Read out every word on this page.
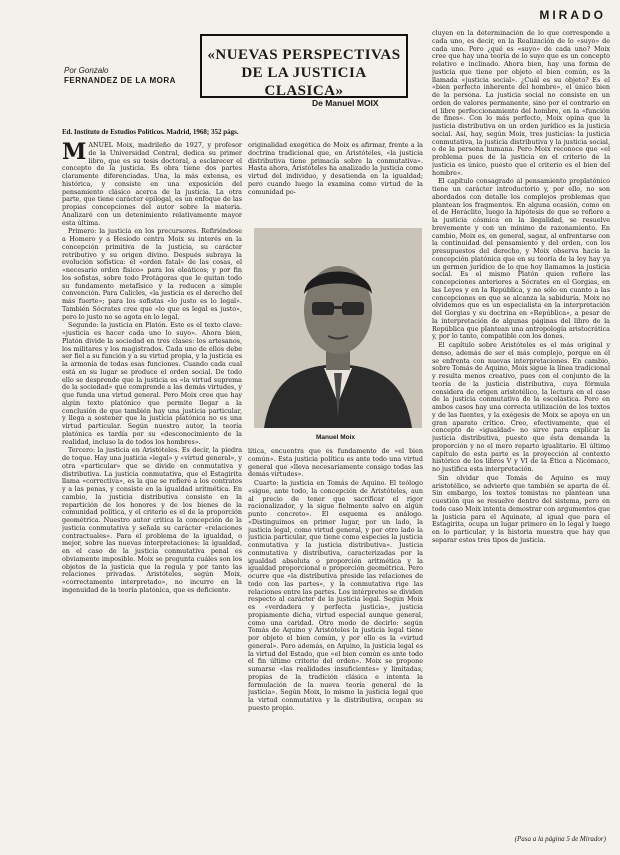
MIRADO
Por Gonzalo
FERNANDEZ DE LA MORA
«NUEVAS PERSPECTIVAS
DE LA JUSTICIA CLASICA»
De Manuel MOIX
Ed. Instituto de Estudios Políticos. Madrid, 1968; 352 págs.
M ANUEL Moix, madrileño de 1927, y profesor de la Universidad Central, dedica su primer libro, que es su tesis doctoral, a esclarecer el concepto de la justicia. Es obra tiene dos partes claramente diferenciadas. Una, la más extensa, es histórica, y consiste en una exposición del pensamiento clásico acerca de la justicia. La otra parte, que tiene carácter epilogal, es un enfoque de las propias concepciones del autor sobre la materia. Analizaré con un detenimiento relativamente mayor esta última.

Primero: la justicia en los precursores. Refiriéndose a Homero y a Hesíodo centra Moix su interés en la concepción primitiva de la justicia, su carácter retributivo y su origen divino. Después subraya la evolución sofística: el «orden fatal» de las cosas, el «necesario orden fisico» para los eleáticos; y por fin los sofistas, sobre todo Protágoras que le quitan todo su fundamento metafísico y la reducen a simple convención. Para Calicles, «la justicia es el derecho del más fuerte»; para los sofistas «lo justo es lo legal». También Sócrates cree que «lo que es legal es justo», pero lo justo no se agota en lo legal.

Segundo: la justicia en Platón. Este es el texto clave: «justicia es hacer cada uno lo suyo». Ahora bien, Platón divide la sociedad en tres clases: los artesanos, los militares y los magistrados. Cada uno de ellos debe ser fiel a su función y a su virtud propia, y la justicia es la armonía de todas esas funciones. Cuando cada cual está en su lugar se produce el orden social. De todo ello se desprende que la justicia es «la virtud suprema de la sociedad» que comprende a las demás virtudes, y que funda una virtud general. Pero Moix cree que hay algún texto platónico que permite llegar a la conclusión de que también hay una justicia particular, y llega a sostener que la justicia platónica no es una virtud particular. Según nuestro autor, la teoría platónica es tardía por su «desconocimiento de la realidad, incluso la de todos los hombres».

Tercero: la justicia en Aristóteles. Es decir, la piedra de toque. Hay una justicia «legal» y «virtud general», y otra «particular» que se divide en conmutativa y distributiva. La justicia conmutativa, que el Estagirita llama «correctiva», es la que se refiere a los contratos y a las penas, y consiste en la igualdad aritmética. En cambio, la justicia distributiva consiste en la repartición de los honores y de los bienes de la comunidad política, y el criterio es el de la proporción geométrica. Nuestro autor critica la concepción de la justicia conmutativa y señala su carácter «relaciones contractuales». Para el problema de la igualdad, o mejor, sobre las nuevas interpretaciones: la igualdad, en el caso de la justicia conmutativa penal es obviamente imposible. Moix se pregunta cuáles son los objetos de la justicia que la regula y por tanto las relaciones privadas. Aristóteles, según Moix, «correctamente interpretado», no incurre en la ingenuidad de la teoría platónica, que es deficiente.

originalidad exegética de Moix es afirmar, frente a la doctrina tradicional que, en Aristóteles, «la justicia distributiva tiene primacía sobre la conmutativa». Hasta ahora, Aristóteles ha analizado la justicia como virtud del individuo, y desatienda en la igualdad; pero cuando luego la examina como virtud de la comunidad po-

Manuel Moix

lítica, encuentra que es fundamento de «el bien común». Esta justicia política es ante todo una virtud general que «lleva necesariamente consigo todas las demás virtudes».

Cuarto: la justicia en Tomás de Aquino. El teólogo «sigue, ante todo, la concepción de Aristóteles, aun al precio de tener que sacrificar el rigor racionalizador, y la sigue fielmente salvo en algún punto concreto». El esquema es análogo. «Distinguimos en primer lugar, por un lado, la justicia legal, como virtud general, y por otro lado la justicia particular, que tiene como especies la justicia conmutativa y la justicia distributiva». Justicia conmutativa y distributiva, caracterizadas por la igualdad absoluta o proporción aritmética y la igualdad proporcional o proporción geométrica. Pero ocurre que «la distributiva preside las relaciones de todo con las partes», y la conmutativa rige las relaciones entre las partes. Los intérpretes se dividen respecto al carácter de la justicia legal. Según Moix es «verdadera y perfecta justicia», justicia propiamente dicha, virtud especial aunque general, como una caridad. Otro modo de decirlo: según Tomás de Aquino y Aristóteles la justicia legal tiene por objeto el bien común, y por ello es la «virtud general». Pero además, en Aquino, la justicia legal es la virtud del Estado, que «el bien común es ante todo el fin último criterio del orden». Moix se propone sumarse «las realidades insuficientes» y limitadas, propias de la tradición clásica e intenta la formulación de la nueva teoría general de la justicia». Según Moix, lo mismo la justicia legal que la virtud conmutativa y la distributiva, ocupan su puesto propio.

cluyen en la determinación de lo que corresponde a cada uno, es decir, en la Realización de lo «suyo» de cada uno. Pero ¿qué es «suyo» de cada uno? Moix cree que hay una teoría de lo suyo que es un concepto relativo e inclinado. Ahora bien, hay una forma de justicia que tiene por objeto el bien común, es la llamada «justicia social». ¿Cuál es su objeto? Es el «bien perfecto inherente del hombre», el único bien de la persona. La justicia social no consiste en un orden de valores permanente, sino por el contrario en el libre perfeccionamiento del hombre, en la «función de fines». Con lo más perfecto, Moix opina que la justicia distributiva en un orden jurídico es la justicia social. Así, hay, según Moix, tres justicias: la justicia conmutativa, la justicia distributiva y la justicia social, o de la persona humana. Pero Moix reconoce que «el problema pues de la justicia en el criterio de la justicia es único, puesto que el criterio es el bien del hombre».

El capítulo consagrado al pensamiento preplatónico tiene un carácter introductorio y, por ello, no son abordados con detalle los complejos problemas que plantean los fragmentos. En alguna ocasión, como en el de Heráclito, luego la hipótesis de que se refiere a la justicia cósmica en la ilegalidad, se resuelve brevemente y con un mínimo de razonamiento. En cambio, Moix es, en general, sagaz, al enfrentarse con la continuidad del pensamiento y del orden, con los presupuestos del derecho, y Moix observa hacia la concepción platónica que en su teoría de la ley hay ya un germen jurídico de lo que hoy llamamos la justicia social. Es el mismo Platón quien refiere las concepciones anteriores a Sócrates en el Gorgias, en las Leyes y en la República, y no sólo en cuanto a las concepciones en que se alcanza la sabiduría. Moix no olvidemos que es un especialista en la interpretación del Gorgias y su doctrina en «República», a pesar de la interpretación de algunas páginas del libro de la República que plantean una antropología aristocrática y, por lo tanto, compatible con los dones.

El capítulo sobre Aristóteles es el más original y denso, además de ser el más complejo, porque en él se enfrenta con nuevas interpretaciones. En cambio, sobre Tomás de Aquino, Moix sigue la línea tradicional y resulta menos creativo, pues con el conjunto de la teoría de la justicia distributiva, cuya fórmula considera de origen aristotélico, la lectura en el caso de la justicia conmutativa de la escolástica. Pero en ambos casos hay una correcta utilización de los textos y de las fuentes, y la exégesis de Moix se apoya en un gran aparato crítico. Creo, efectivamente, que el concepto de «igualdad» no sirve para explicar la justicia distributiva, puesto que ésta demanda la proporción y no el mero reparto igualitario. El último capítulo de esta parte es la proyección al contexto histórico de los libros V y VI de la Ética a Nicómaco, no justifica esta interpretación.

Sin olvidar que Tomás de Aquino es muy aristotélico, se advierte que también se aparta de él. Sin embargo, los textos tomistas no plantean una cuestión que se resuelve dentro del sistema, pero en todo caso Moix intenta demostrar con argumentos que la justicia para el Aquinate, al igual que para el Estagirita, ocupa un lugar primero en lo legal y luego en lo particular, y la historia muestra que hay que separar estos tres tipos de justicia.

(Pasa a la página 5 de Mirador)
